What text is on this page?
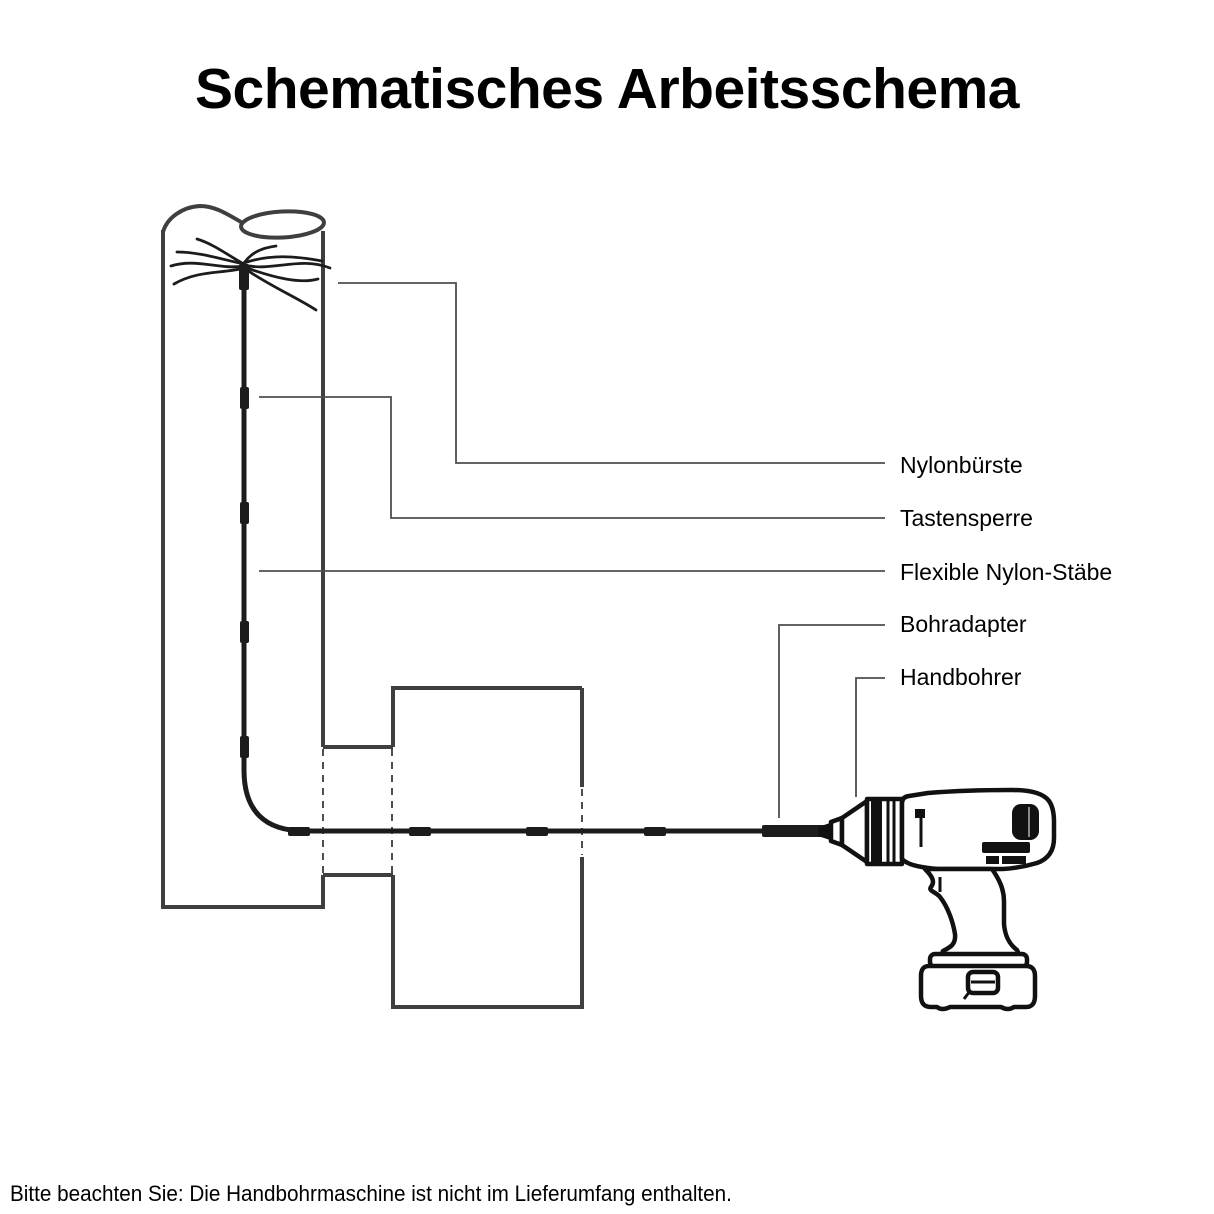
Schematisches Arbeitsschema
Nylonbürste
Tastensperre
Flexible Nylon-Stäbe
Bohradapter
Handbohrer
Bitte beachten Sie: Die Handbohrmaschine ist nicht im Lieferumfang enthalten.
